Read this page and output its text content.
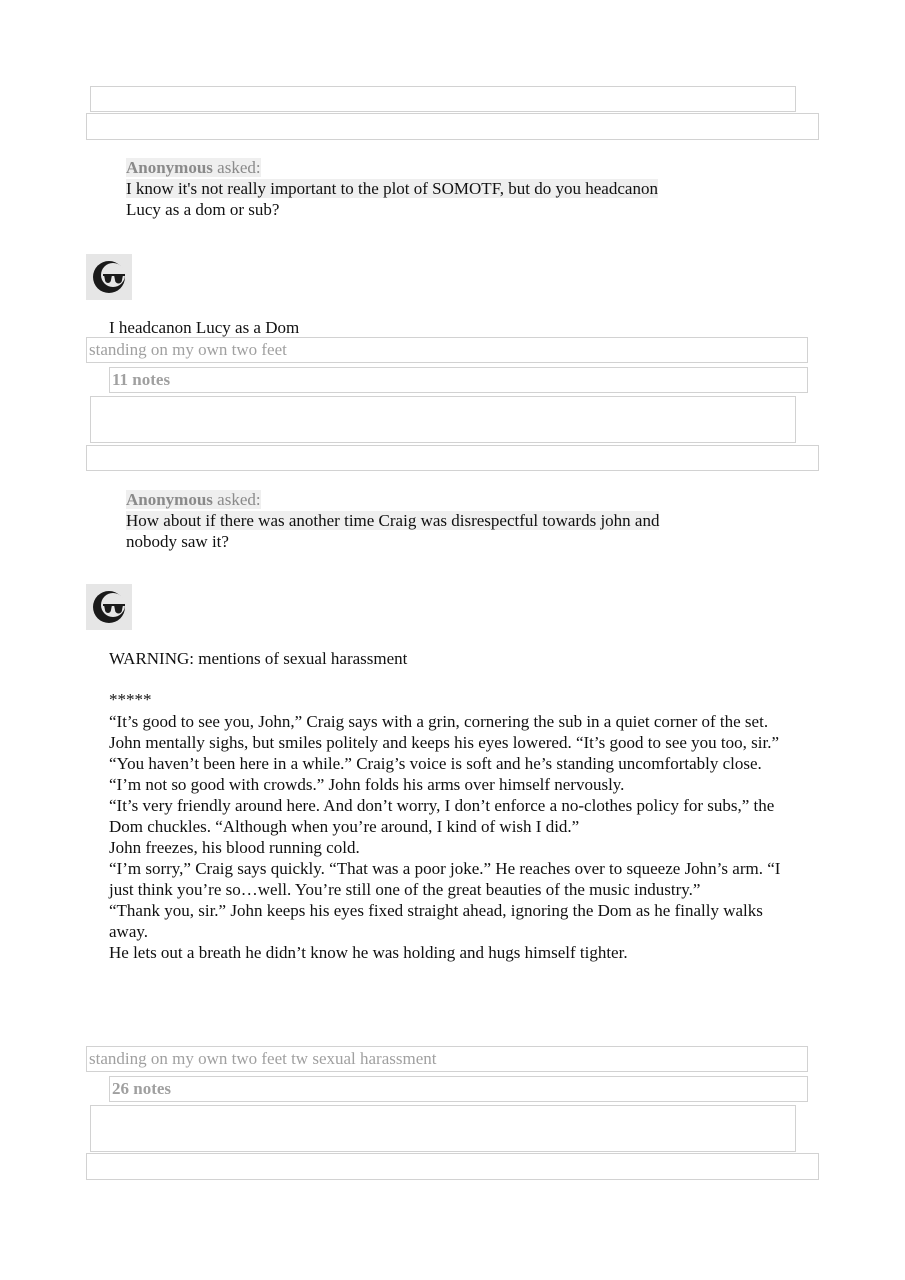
Anonymous asked:
I know it's not really important to the plot of SOMOTF, but do you headcanon
Lucy as a dom or sub?
I headcanon Lucy as a Dom
standing on my own two feet
11 notes
Anonymous asked:
How about if there was another time Craig was disrespectful towards john and
nobody saw it?
WARNING: mentions of sexual harassment
*****

“It’s good to see you, John,” Craig says with a grin, cornering the sub in a quiet corner of the set.

John mentally sighs, but smiles politely and keeps his eyes lowered. “It’s good to see you too, sir.”

“You haven’t been here in a while.” Craig’s voice is soft and he’s standing uncomfortably close.

“I’m not so good with crowds.” John folds his arms over himself nervously.

“It’s very friendly around here. And don’t worry, I don’t enforce a no-clothes policy for subs,” the Dom chuckles. “Although when you’re around, I kind of wish I did.”

John freezes, his blood running cold.

“I’m sorry,” Craig says quickly. “That was a poor joke.” He reaches over to squeeze John’s arm. “I just think you’re so…well. You’re still one of the great beauties of the music industry.”

“Thank you, sir.” John keeps his eyes fixed straight ahead, ignoring the Dom as he finally walks away.

He lets out a breath he didn’t know he was holding and hugs himself tighter.

standing on my own two feet tw sexual harassment
26 notes
